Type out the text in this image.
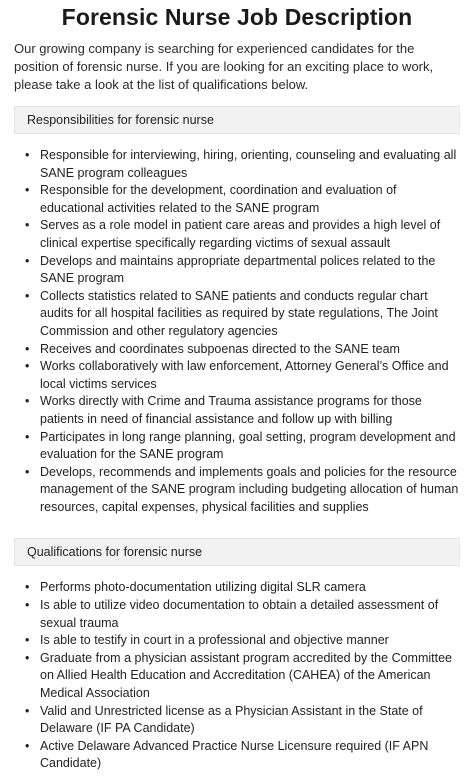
Forensic Nurse Job Description

Our growing company is searching for experienced candidates for the position of forensic nurse. If you are looking for an exciting place to work, please take a look at the list of qualifications below.

Responsibilities for forensic nurse
• Responsible for interviewing, hiring, orienting, counseling and evaluating all SANE program colleagues
• Responsible for the development, coordination and evaluation of educational activities related to the SANE program
• Serves as a role model in patient care areas and provides a high level of clinical expertise specifically regarding victims of sexual assault
• Develops and maintains appropriate departmental polices related to the SANE program
• Collects statistics related to SANE patients and conducts regular chart audits for all hospital facilities as required by state regulations, The Joint Commission and other regulatory agencies
• Receives and coordinates subpoenas directed to the SANE team
• Works collaboratively with law enforcement, Attorney General’s Office and local victims services
• Works directly with Crime and Trauma assistance programs for those patients in need of financial assistance and follow up with billing
• Participates in long range planning, goal setting, program development and evaluation for the SANE program
• Develops, recommends and implements goals and policies for the resource management of the SANE program including budgeting allocation of human resources, capital expenses, physical facilities and supplies
Qualifications for forensic nurse
• Performs photo-documentation utilizing digital SLR camera
• Is able to utilize video documentation to obtain a detailed assessment of sexual trauma
• Is able to testify in court in a professional and objective manner
• Graduate from a physician assistant program accredited by the Committee on Allied Health Education and Accreditation (CAHEA) of the American Medical Association
• Valid and Unrestricted license as a Physician Assistant in the State of Delaware (IF PA Candidate)
• Active Delaware Advanced Practice Nurse Licensure required (IF APN Candidate)
